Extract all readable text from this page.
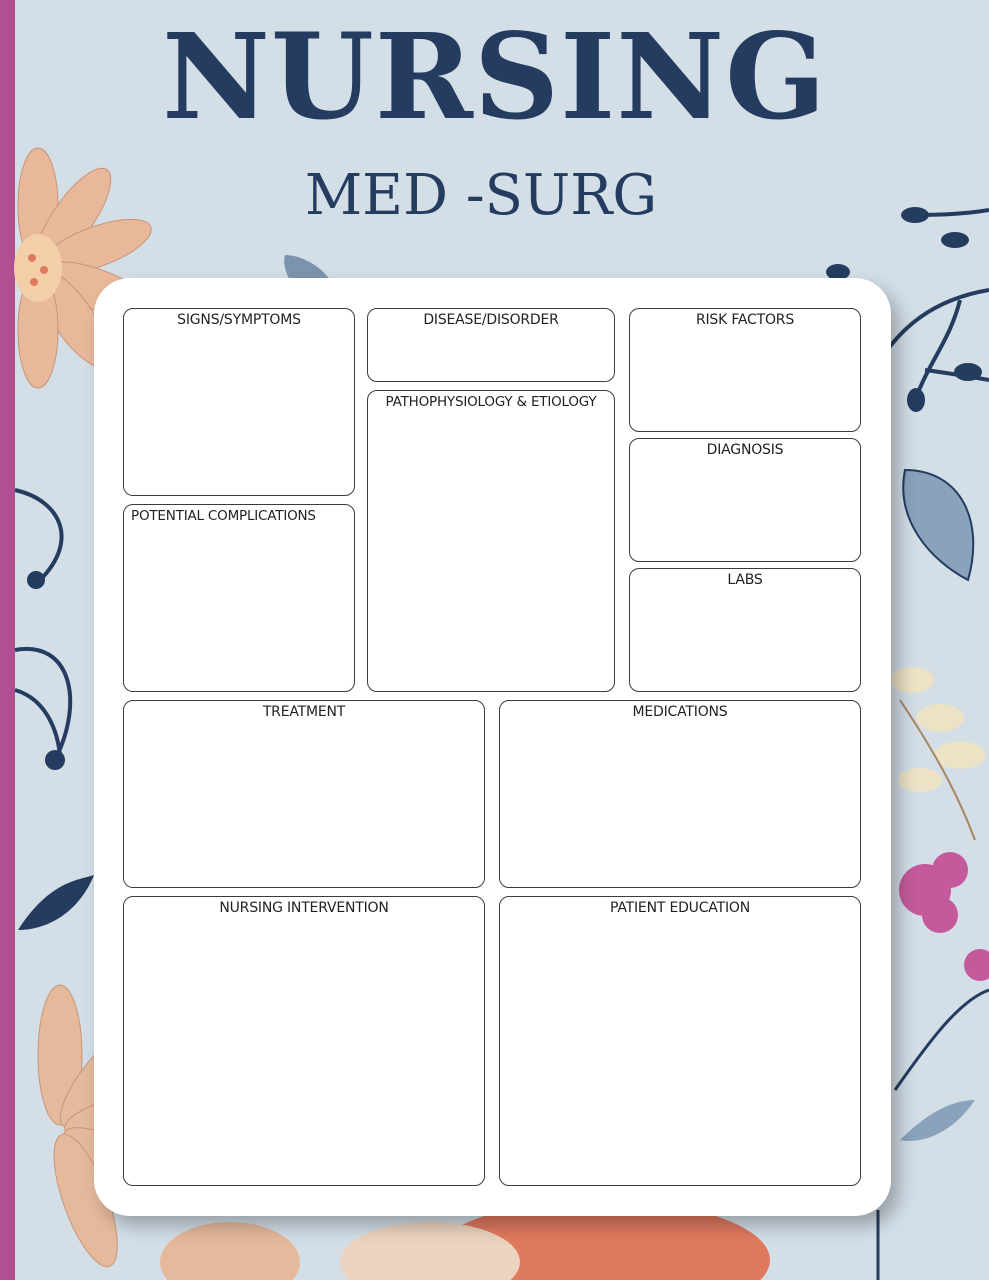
NURSING
MED -SURG
SIGNS/SYMPTOMS	DISEASE/DISORDER	RISK FACTORS
PATHOPHYSIOLOGY & ETIOLOGY
DIAGNOSIS
POTENTIAL COMPLICATIONS
LABS
TREATMENT	MEDICATIONS
NURSING INTERVENTION	PATIENT EDUCATION
